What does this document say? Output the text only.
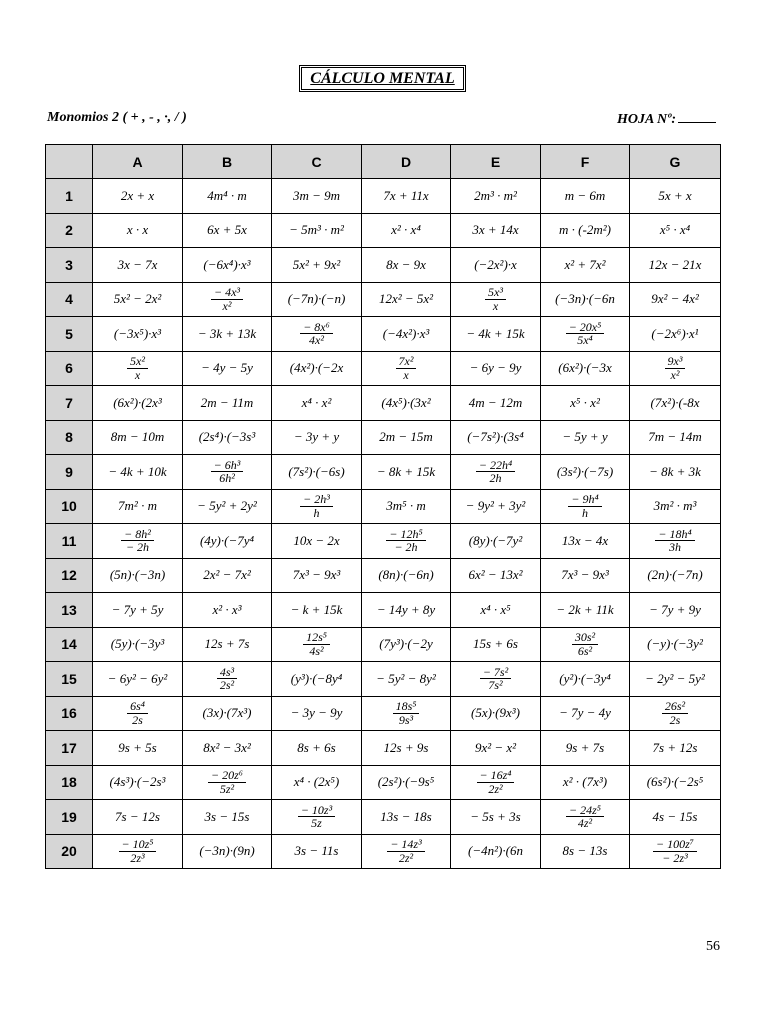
CÁLCULO MENTAL
Monomios 2 ( + , - , ·, / )	HOJA Nº:
	A	B	C	D	E	F	G
1	2x + x	4m⁴ · m	3m − 9m	7x + 11x	2m³ · m²	m − 6m	5x + x

2	x · x	6x + 5x	− 5m³ · m²	x² · x⁴	3x + 14x	m · (-2m²)	x⁵ · x⁴

3	3x − 7x	(−6x⁴)·x³	5x² + 9x²	8x − 9x	(−2x²)·x	x² + 7x²	12x − 21x

4	5x² − 2x²	$\frac{\text{− 4x³}}{\text{x²}}$	(−7n)·(−n)	12x² − 5x²	$\frac{\text{5x³}}{x}$	(−3n)·(−6n	9x² − 4x²

5	(−3x⁵)·x³	− 3k + 13k	$\frac{\text{− 8x⁶}}{\text{4x²}}$	(−4x²)·x³	− 4k + 15k	$\frac{\text{− 20x⁵}}{\text{5x⁴}}$	(−2x⁶)·x¹

6	$\frac{\text{5x²}}{x}$	− 4y − 5y	(4x²)·(−2x	$\frac{\text{7x²}}{x}$	− 6y − 9y	(6x²)·(−3x	$\frac{\text{9x³}}{\text{x²}}$

7	(6x²)·(2x³	2m − 11m	x⁴ · x²	(4x⁵)·(3x²	4m − 12m	x⁵ · x²	(7x²)·(-8x

8	8m − 10m	(2s⁴)·(−3s³	− 3y + y	2m − 15m	(−7s²)·(3s⁴	− 5y + y	7m − 14m

9	− 4k + 10k	$\frac{\text{− 6h³}}{\text{6h²}}$	(7s²)·(−6s)	− 8k + 15k	$\frac{\text{− 22h⁴}}{2h}$	(3s²)·(−7s)	− 8k + 3k

10	7m² · m	− 5y² + 2y²	$\frac{\text{− 2h³}}{h}$	3m⁵ · m	− 9y² + 3y²	$\frac{\text{− 9h⁴}}{h}$	3m² · m³

11	$\frac{\text{− 8h²}}{- 2h}$	(4y)·(−7y⁴	10x − 2x	$\frac{\text{− 12h⁵}}{- 2h}$	(8y)·(−7y²	13x − 4x	$\frac{\text{− 18h⁴}}{3h}$

12	(5n)·(−3n)	2x² − 7x²	7x³ − 9x³	(8n)·(−6n)	6x² − 13x²	7x³ − 9x³	(2n)·(−7n)

13	− 7y + 5y	x² · x³	− k + 15k	− 14y + 8y	x⁴ · x⁵	− 2k + 11k	− 7y + 9y

14	(5y)·(−3y³	12s + 7s	$\frac{\text{12s⁵}}{\text{4s²}}$	(7y³)·(−2y	15s + 6s	$\frac{\text{30s²}}{\text{6s²}}$	(−y)·(−3y²

15	− 6y² − 6y²	$\frac{\text{4s³}}{\text{2s²}}$	(y³)·(−8y⁴	− 5y² − 8y²	$\frac{\text{− 7s²}}{\text{7s²}}$	(y²)·(−3y⁴	− 2y² − 5y²

16	$\frac{\text{6s⁴}}{2s}$	(3x)·(7x³)	− 3y − 9y	$\frac{\text{18s⁵}}{\text{9s³}}$	(5x)·(9x³)	− 7y − 4y	$\frac{\text{26s²}}{2s}$

17	9s + 5s	8x² − 3x²	8s + 6s	12s + 9s	9x² − x²	9s + 7s	7s + 12s

18	(4s³)·(−2s³	$\frac{\text{− 20z⁶}}{\text{5z²}}$	x⁴ · (2x⁵)	(2s²)·(−9s⁵	$\frac{\text{− 16z⁴}}{\text{2z²}}$	x² · (7x³)	(6s²)·(−2s⁵

19	7s − 12s	3s − 15s	$\frac{\text{− 10z³}}{5z}$	13s − 18s	− 5s + 3s	$\frac{\text{− 24z⁵}}{\text{4z²}}$	4s − 15s

20	$\frac{\text{− 10z⁵}}{\text{2z³}}$	(−3n)·(9n)	3s − 11s	$\frac{\text{− 14z³}}{\text{2z²}}$	(−4n²)·(6n	8s − 13s	$\frac{\text{− 100z⁷}}{\text{− 2z³}}$
56
